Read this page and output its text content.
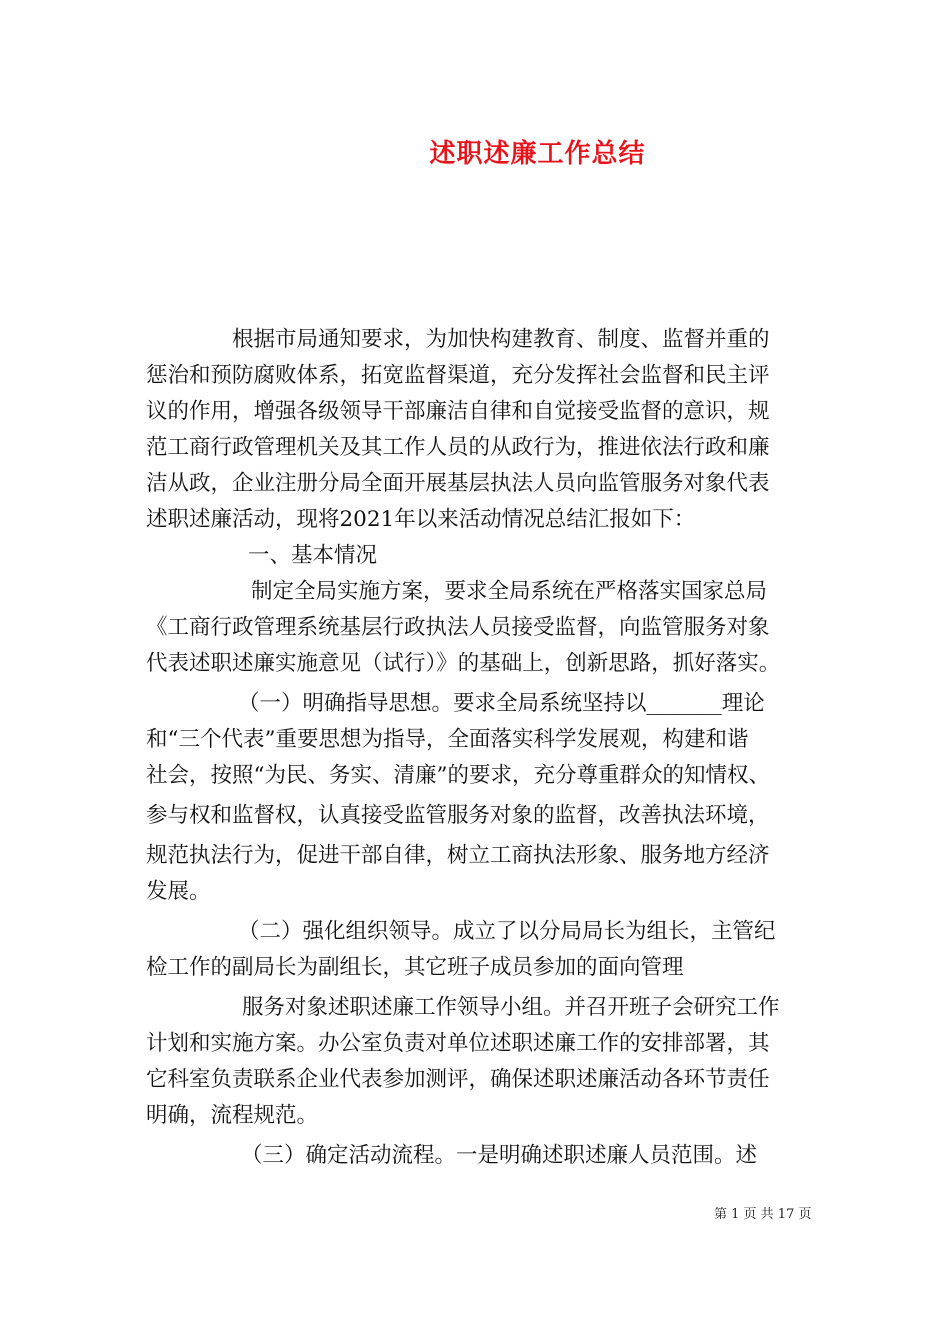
述职述廉工作总结
根据市局通知要求，为加快构建教育、制度、监督并重的
惩治和预防腐败体系，拓宽监督渠道，充分发挥社会监督和民主评
议的作用，增强各级领导干部廉洁自律和自觉接受监督的意识，规
范工商行政管理机关及其工作人员的从政行为，推进依法行政和廉
洁从政，企业注册分局全面开展基层执法人员向监管服务对象代表
述职述廉活动，现将2021年以来活动情况总结汇报如下：
一、基本情况
制定全局实施方案，要求全局系统在严格落实国家总局
《工商行政管理系统基层行政执法人员接受监督，向监管服务对象
代表述职述廉实施意见（试行）》的基础上，创新思路，抓好落实。
（一）明确指导思想。要求全局系统坚持以_______理论
和“三个代表”重要思想为指导，全面落实科学发展观，构建和谐
社会，按照“为民、务实、清廉”的要求，充分尊重群众的知情权、
参与权和监督权，认真接受监管服务对象的监督，改善执法环境，
规范执法行为，促进干部自律，树立工商执法形象、服务地方经济
发展。
（二）强化组织领导。成立了以分局局长为组长，主管纪
检工作的副局长为副组长，其它班子成员参加的面向管理
服务对象述职述廉工作领导小组。并召开班子会研究工作
计划和实施方案。办公室负责对单位述职述廉工作的安排部署，其
它科室负责联系企业代表参加测评，确保述职述廉活动各环节责任
明确，流程规范。
（三）确定活动流程。一是明确述职述廉人员范围。述
第 1 页 共 17 页
